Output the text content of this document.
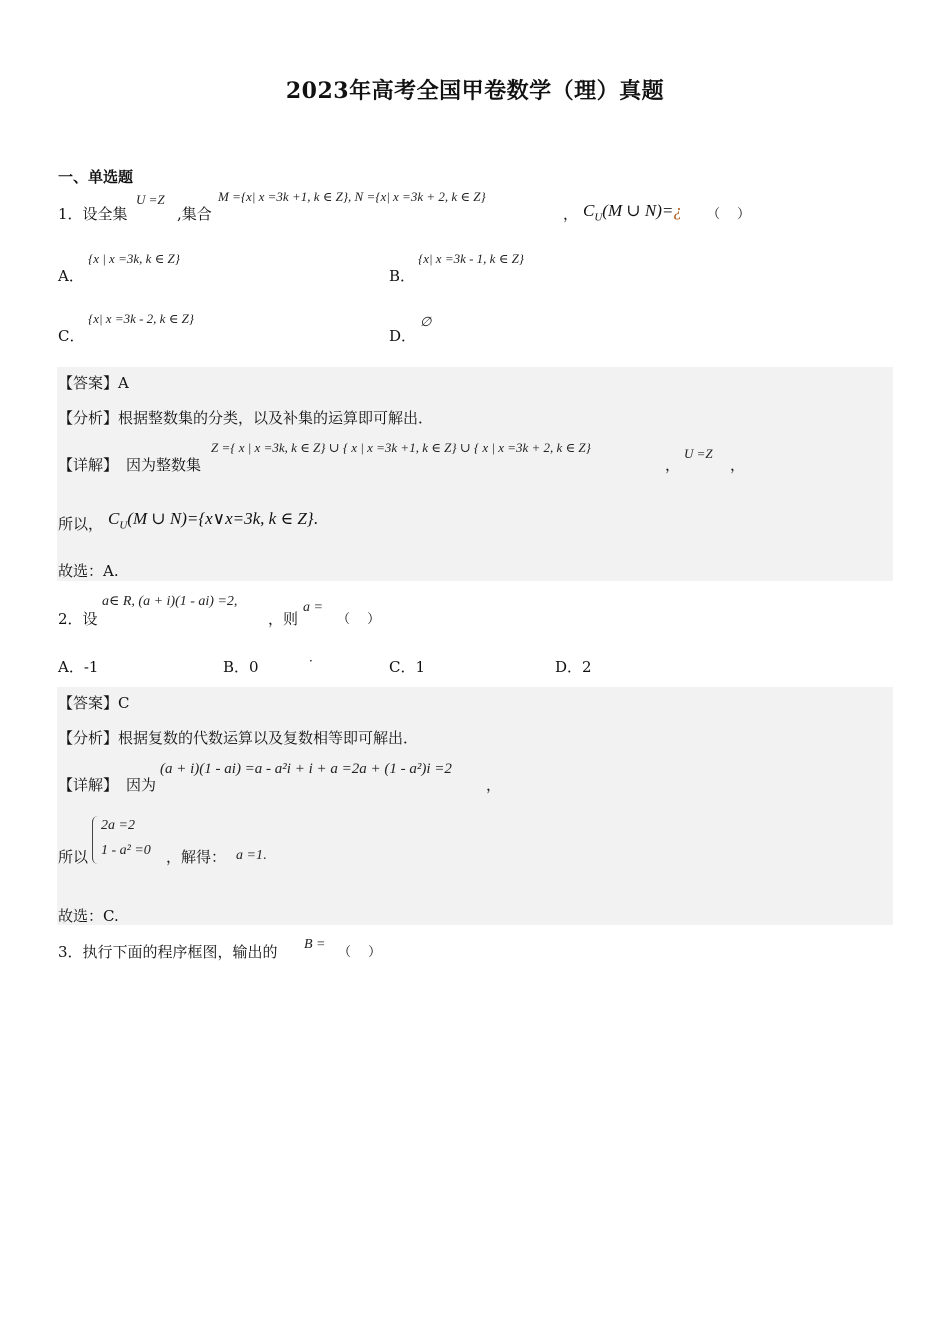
2023年高考全国甲卷数学（理）真题
一、单选题
1．设全集
U =Z
,集合
M ={x| x =3k +1, k ∈ Z}, N ={x| x =3k + 2, k ∈ Z}
， $C_U(M$ ∪ N)=¿ （　 ）
A．
{x | x =3k, k ∈ Z}
B．
{x| x =3k - 1, k ∈ Z}
C．
{x| x =3k - 2, k ∈ Z}
D．
∅
【答案】A
【分析】根据整数集的分类，以及补集的运算即可解出．
【详解】 因为整数集
Z ={ x | x =3k, k ∈ Z} ∪ { x | x =3k +1, k ∈ Z} ∪ { x | x =3k + 2, k ∈ Z}
，
U =Z
，
所以， $C_U(M$ ∪ N)={x∨x=3k, k ∈ Z}.
故选：A.
2．设
a∈ R, (a + i)(1 - ai) =2,
，则
a =
（　 ）
A．-1	B．0	·	C．1	D．2
【答案】C
【分析】根据复数的代数运算以及复数相等即可解出．
【详解】 因为
(a + i)(1 - ai) =a - a²i + i + a =2a + (1 - a²)i =2
，
所以
2a =2
1 - a² =0 ，解得： a =1.
故选：C.
3．执行下面的程序框图，输出的 B =
（　 ）
